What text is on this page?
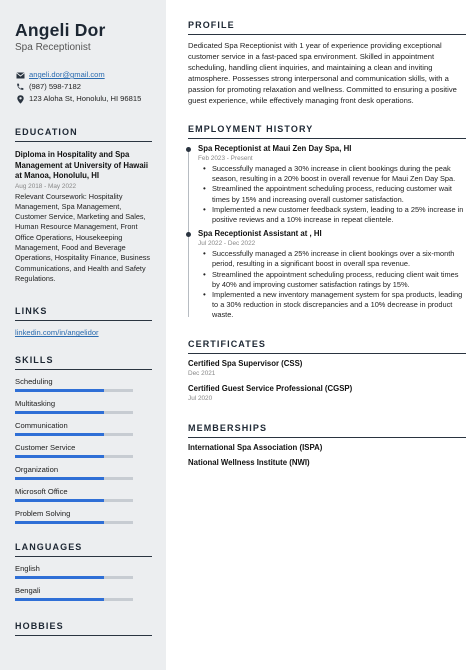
Angeli Dor
Spa Receptionist
angeli.dor@gmail.com
(987) 598-7182
123 Aloha St, Honolulu, HI 96815
EDUCATION
Diploma in Hospitality and Spa Management at University of Hawaii at Manoa, Honolulu, HI
Aug 2018 - May 2022
Relevant Coursework: Hospitality Management, Spa Management, Customer Service, Marketing and Sales, Human Resource Management, Front Office Operations, Housekeeping Management, Food and Beverage Operations, Hospitality Finance, Business Communications, and Health and Safety Regulations.
LINKS
linkedin.com/in/angelidor
SKILLS
Scheduling
Multitasking
Communication
Customer Service
Organization
Microsoft Office
Problem Solving
LANGUAGES
English
Bengali
HOBBIES
PROFILE
Dedicated Spa Receptionist with 1 year of experience providing exceptional customer service in a fast-paced spa environment. Skilled in appointment scheduling, handling client inquiries, and maintaining a clean and inviting atmosphere. Possesses strong interpersonal and communication skills, with a passion for promoting relaxation and wellness. Committed to ensuring a positive guest experience, while effectively managing front desk operations.
EMPLOYMENT HISTORY
Spa Receptionist at Maui Zen Day Spa, HI
Feb 2023 - Present
• Successfully managed a 30% increase in client bookings during the peak season, resulting in a 20% boost in overall revenue for Maui Zen Day Spa.
• Streamlined the appointment scheduling process, reducing customer wait times by 15% and increasing overall customer satisfaction.
• Implemented a new customer feedback system, leading to a 25% increase in positive reviews and a 10% increase in repeat clientele.
Spa Receptionist Assistant at , HI
Jul 2022 - Dec 2022
• Successfully managed a 25% increase in client bookings over a six-month period, resulting in a significant boost in overall spa revenue.
• Streamlined the appointment scheduling process, reducing client wait times by 40% and improving customer satisfaction ratings by 15%.
• Implemented a new inventory management system for spa products, leading to a 30% reduction in stock discrepancies and a 10% decrease in product waste.
CERTIFICATES
Certified Spa Supervisor (CSS)
Dec 2021
Certified Guest Service Professional (CGSP)
Jul 2020
MEMBERSHIPS
International Spa Association (ISPA)
National Wellness Institute (NWI)
